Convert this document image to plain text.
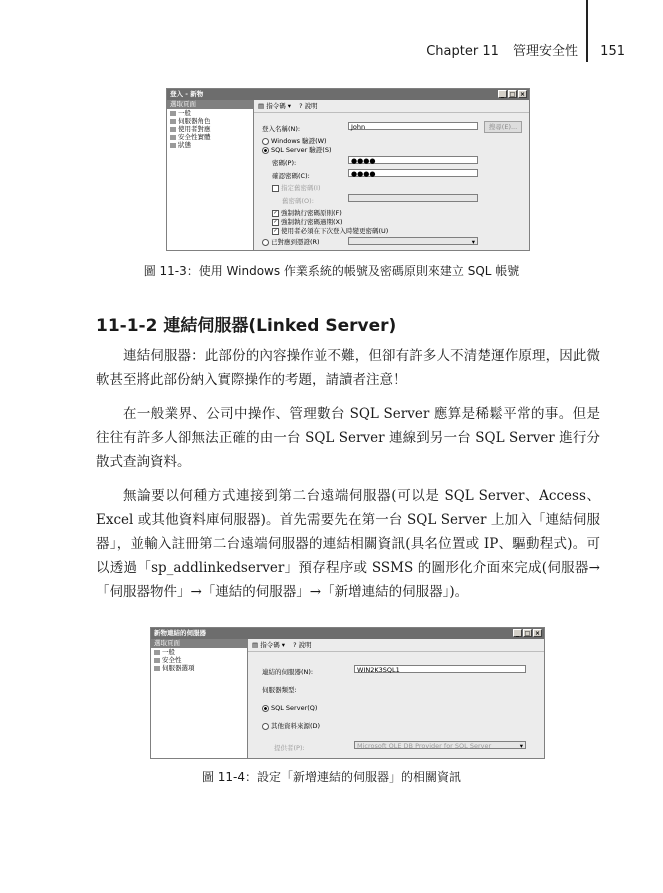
Chapter 11 管理安全性 151
登入 - 新物	_ □ ×
選取頁面
一般
伺服器角色
使用者對應
安全性實體
狀態
▤ 指令碼 ▾ ? 說明
登入名稱(N):	John	搜尋(E)...
Windows 驗證(W)
SQL Server 驗證(S)
密碼(P):	●●●●
確認密碼(C):	●●●●
指定舊密碼(I)
舊密碼(O):
✓ 強制執行密碼原則(F)
✓ 強制執行密碼過期(X)
✓ 使用者必須在下次登入時變更密碼(U)
已對應到憑證(R)	▾
圖 11-3：使用 Windows 作業系統的帳號及密碼原則來建立 SQL 帳號
11-1-2 連結伺服器(Linked Server)

連結伺服器：此部份的內容操作並不難，但卻有許多人不清楚運作原理，因此微軟甚至將此部份納入實際操作的考題，請讀者注意！

在一般業界、公司中操作、管理數台 SQL Server 應算是稀鬆平常的事。但是往往有許多人卻無法正確的由一台 SQL Server 連線到另一台 SQL Server 進行分散式查詢資料。

無論要以何種方式連接到第二台遠端伺服器(可以是 SQL Server、Access、Excel 或其他資料庫伺服器)。首先需要先在第一台 SQL Server 上加入「連結伺服器」，並輸入註冊第二台遠端伺服器的連結相關資訊(具名位置或 IP、驅動程式)。可以透過「sp_addlinkedserver」預存程序或 SSMS 的圖形化介面來完成(伺服器→「伺服器物件」→「連結的伺服器」→「新增連結的伺服器」)。

新物連結的伺服器	_ □ ×
選取頁面
一般
安全性
伺服器選項
▤ 指令碼 ▾ ? 說明
連結的伺服器(N):	WIN2K3SQL1
伺服器類型:
SQL Server(Q)
其他資料來源(D)
提供者(P):	Microsoft OLE DB Provider for SQL Server	▾
圖 11-4：設定「新增連結的伺服器」的相關資訊
